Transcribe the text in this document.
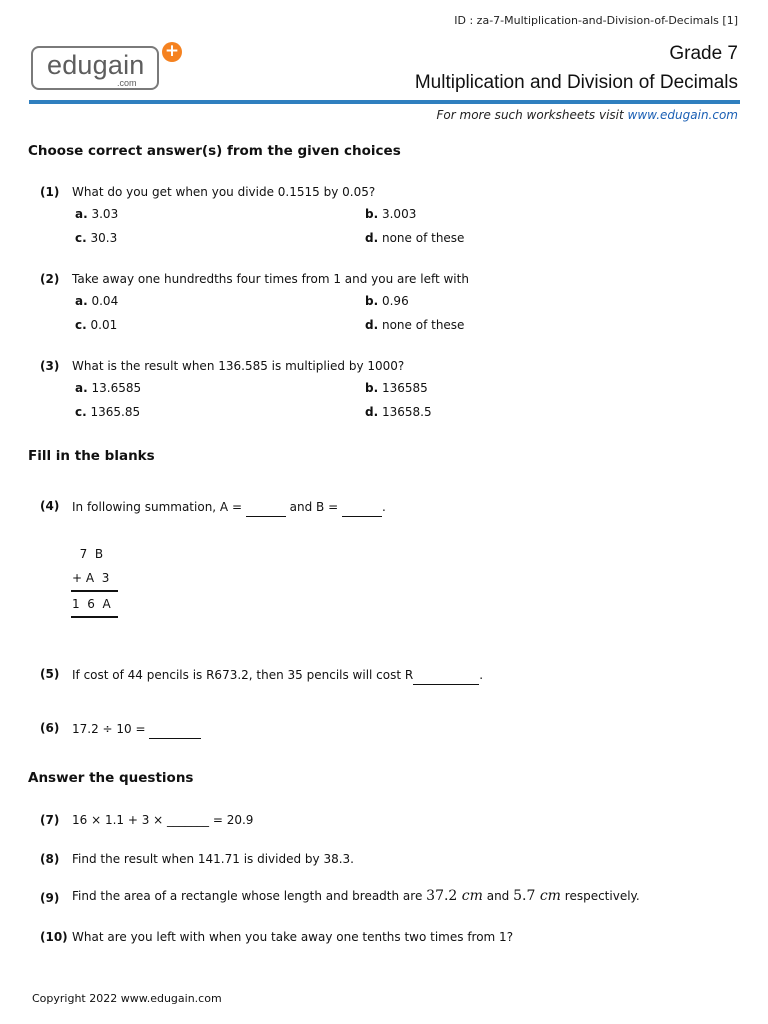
ID : za-7-Multiplication-and-Division-of-Decimals [1]
edugain
.com
+	Grade 7
Multiplication and Division of Decimals
For more such worksheets visit www.edugain.com
Choose correct answer(s) from the given choices
(1) What do you get when you divide 0.1515 by 0.05?
a. 3.03	b. 3.003
c. 30.3	d. none of these
(2) Take away one hundredths four times from 1 and you are left with
a. 0.04	b. 0.96
c. 0.01	d. none of these
(3) What is the result when 136.585 is multiplied by 1000?
a. 13.6585	b. 136585
c. 1365.85	d. 13658.5
Fill in the blanks
(4) In following summation, A =	and B =	.
7  B
+ A  3
1  6  A
(5) If cost of 44 pencils is R673.2, then 35 pencils will cost R	.
(6) 17.2 ÷ 10 =
Answer the questions
(7) 16 × 1.1 + 3 × _______ = 20.9
(8) Find the result when 141.71 is divided by 38.3.
(9) Find the area of a rectangle whose length and breadth are 37.2 cm and 5.7 cm respectively.
(10) What are you left with when you take away one tenths two times from 1?
Copyright 2022 www.edugain.com
